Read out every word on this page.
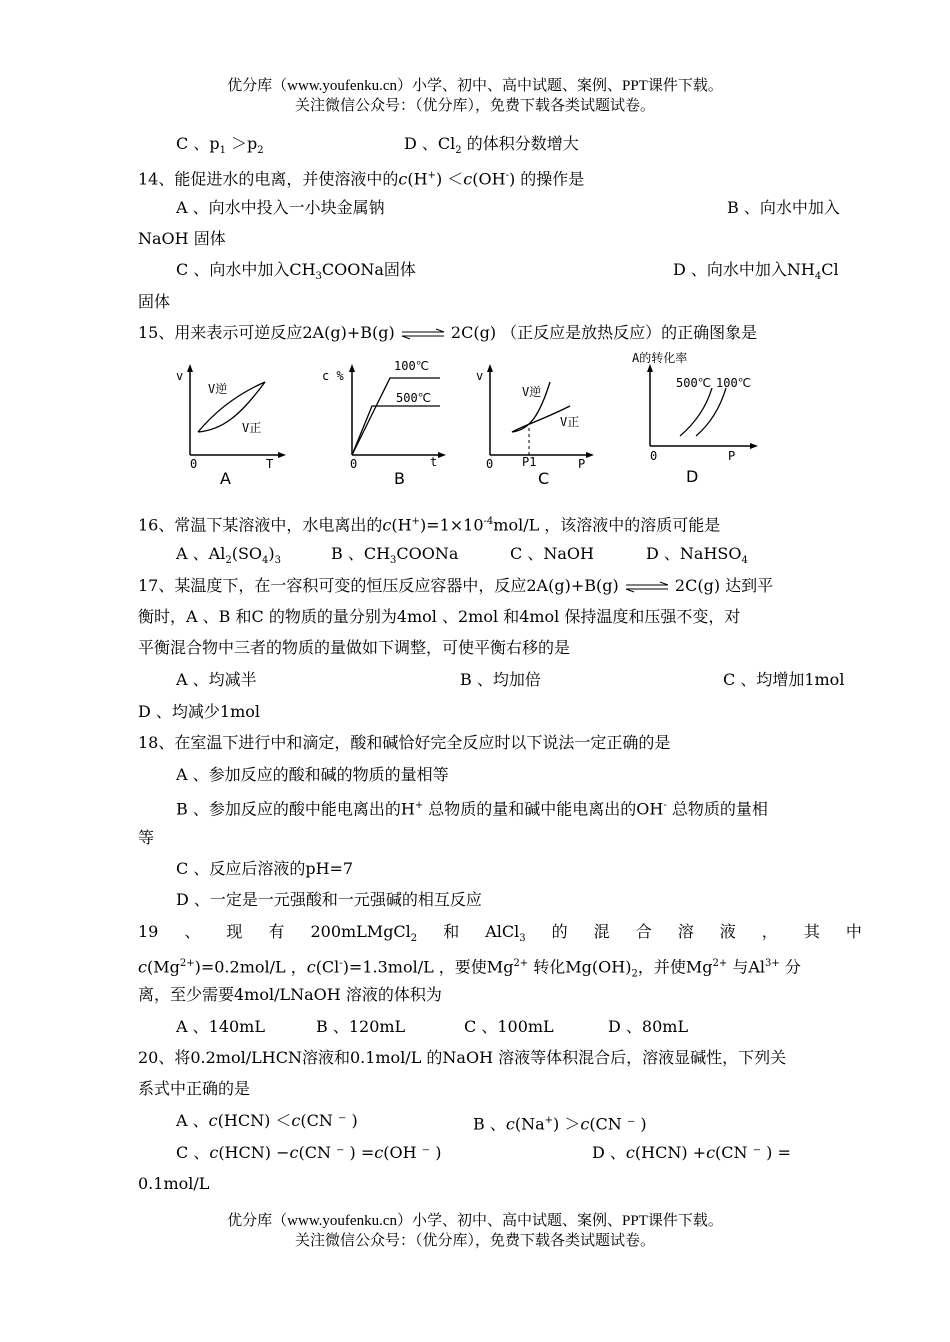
优分库（www.youfenku.cn）小学、初中、高中试题、案例、PPT课件下载。
关注微信公众号：（优分库），免费下载各类试题试卷。
C 、$p_1 >p_2$	D 、$Cl_2$ 的体积分数增大
14、能促进水的电离，并使溶液中的c(H+) ＜c(OH-) 的操作是
A 、向水中投入一小块金属钠	B 、向水中加入
NaOH 固体
C 、向水中加入$CH_3COONa$固体	D 、向水中加入$NH_4Cl$
固体
15、用来表示可逆反应2A(g)+B(g) ⇌ 2C(g) （正反应是放热反应）的正确图象是
v
V逆
V正
0	T
A
c %
100℃
500℃
0	t
B
v
V逆
V正
0 P1	P
C
A的转化率
500℃ 100℃
0	P
D
16、常温下某溶液中，水电离出的$c(H^+)=1\times 10^{-4}mol/L$ ，该溶液中的溶质可能是
A 、$Al_2(SO_4)_3$	B 、$CH_3COONa$	C 、NaOH	D 、NaHSO$_4$
17、某温度下，在一容积可变的恒压反应容器中，反应2A(g)+B(g) ⇌ 2C(g) 达到平
衡时，A 、B 和C 的物质的量分别为4mol 、2mol 和4mol 保持温度和压强不变，对
平衡混合物中三者的物质的量做如下调整，可使平衡右移的是
A 、均减半	B 、均加倍	C 、均增加1mol
D 、均减少1mol
18、在室温下进行中和滴定，酸和碱恰好完全反应时以下说法一定正确的是
A 、参加反应的酸和碱的物质的量相等
B 、参加反应的酸中能电离出的H+ 总物质的量和碱中能电离出的OH- 总物质的量相
等
C 、反应后溶液的pH=7
D 、一定是一元强酸和一元强碱的相互反应
19 、 现 有 200mLMgCl$_2$ 和 AlCl$_3$ 的 混 合 溶 液 ， 其 中
$c(Mg^{2+})=0.2mol/L$ ，c(Cl-)=1.3mol/L ，要使$Mg^{2+}$ 转化$Mg(OH)_2$，并使$Mg^{2+}$ 与$Al^{3+}$ 分
离，至少需要4mol/LNaOH 溶液的体积为
A 、140mL	B 、120mL	C 、100mL	D 、80mL
20、将0.2mol/LHCN溶液和0.1mol/L 的NaOH 溶液等体积混合后，溶液显碱性，下列关
系式中正确的是
A 、c(HCN) ＜c(CN ⁻ )	B 、c(Na+) ＞c(CN ⁻ )
C 、c(HCN) −c(CN ⁻ ) =c(OH ⁻ )	D 、c(HCN) +c(CN ⁻ ) =
0.1mol/L
优分库（www.youfenku.cn）小学、初中、高中试题、案例、PPT课件下载。
关注微信公众号：（优分库），免费下载各类试题试卷。
